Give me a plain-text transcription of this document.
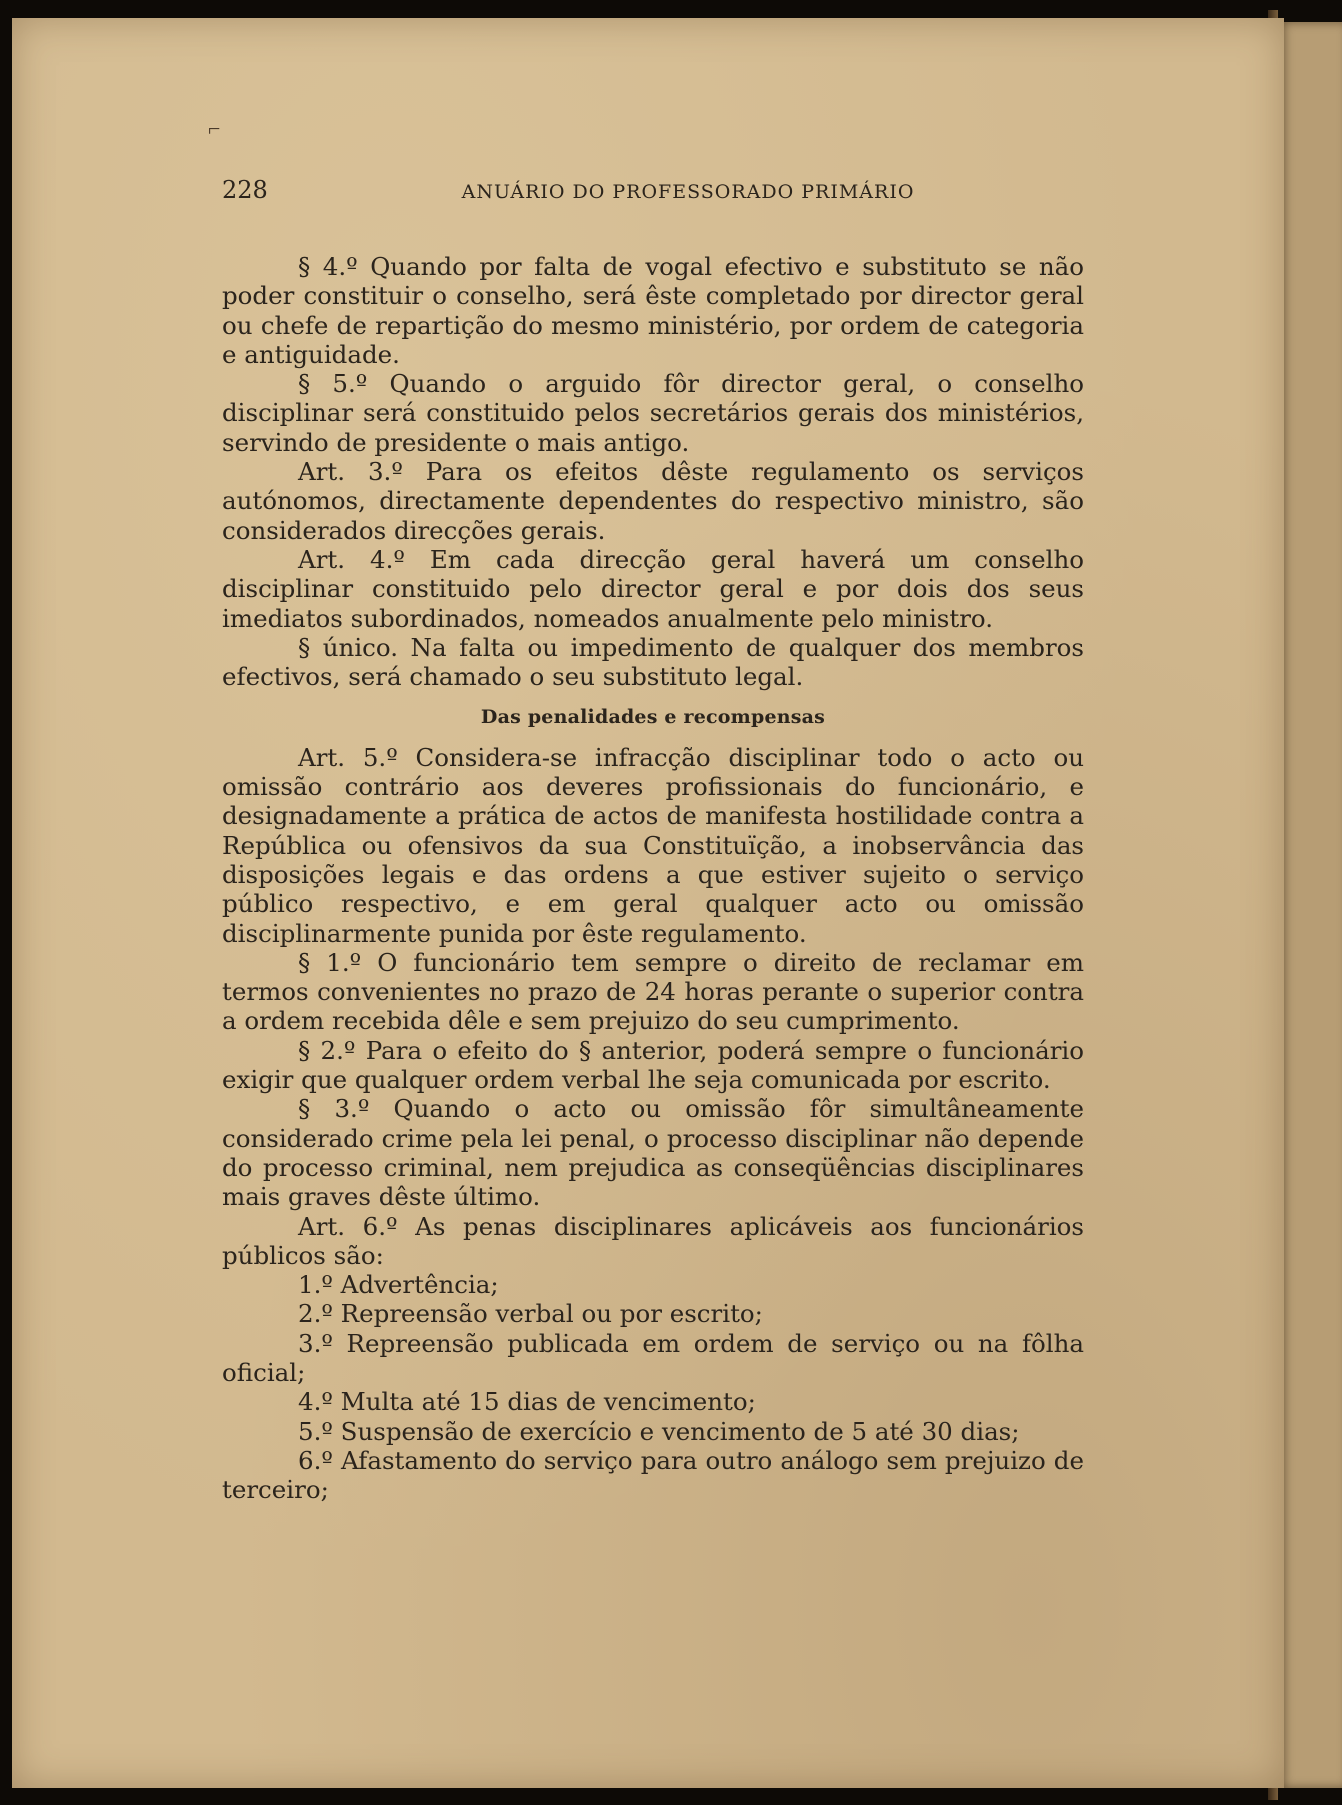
⌐
228	ANUÁRIO DO PROFESSORADO PRIMÁRIO

§ 4.º Quando por falta de vogal efectivo e substituto se não poder constituir o conselho, será êste completado por director geral ou chefe de repartição do mesmo ministério, por ordem de categoria e antiguidade.

§ 5.º Quando o arguido fôr director geral, o conselho disciplinar será constituido pelos secretários gerais dos ministérios, servindo de presidente o mais antigo.

Art. 3.º Para os efeitos dêste regulamento os serviços autónomos, directamente dependentes do respectivo ministro, são considerados direcções gerais.

Art. 4.º Em cada direcção geral haverá um conselho disciplinar constituido pelo director geral e por dois dos seus imediatos subordinados, nomeados anualmente pelo ministro.

§ único. Na falta ou impedimento de qualquer dos membros efectivos, será chamado o seu substituto legal.

Das penalidades e recompensas

Art. 5.º Considera-se infracção disciplinar todo o acto ou omissão contrário aos deveres profissionais do funcionário, e designadamente a prática de actos de manifesta hostilidade contra a República ou ofensivos da sua Constituïção, a inobservância das disposições legais e das ordens a que estiver sujeito o serviço público respectivo, e em geral qualquer acto ou omissão disciplinarmente punida por êste regulamento.

§ 1.º O funcionário tem sempre o direito de reclamar em termos convenientes no prazo de 24 horas perante o superior contra a ordem recebida dêle e sem prejuizo do seu cumprimento.

§ 2.º Para o efeito do § anterior, poderá sempre o funcionário exigir que qualquer ordem verbal lhe seja comunicada por escrito.

§ 3.º Quando o acto ou omissão fôr simultâneamente considerado crime pela lei penal, o processo disciplinar não depende do processo criminal, nem prejudica as conseqüências disciplinares mais graves dêste último.

Art. 6.º As penas disciplinares aplicáveis aos funcionários públicos são:

1.º Advertência;

2.º Repreensão verbal ou por escrito;

3.º Repreensão publicada em ordem de serviço ou na fôlha oficial;

4.º Multa até 15 dias de vencimento;

5.º Suspensão de exercício e vencimento de 5 até 30 dias;

6.º Afastamento do serviço para outro análogo sem prejuizo de terceiro;
